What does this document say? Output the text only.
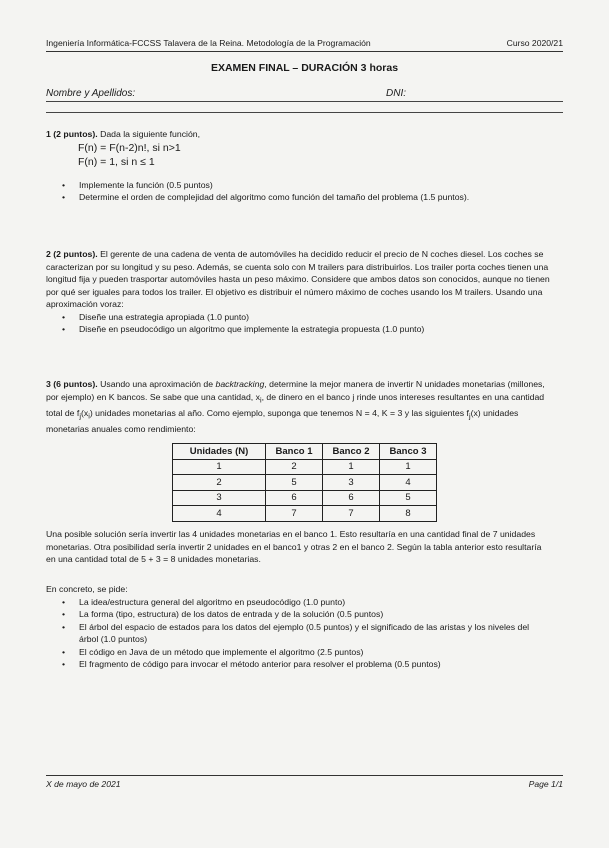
Ingeniería Informática-FCCSS Talavera de la Reina. Metodología de la Programación	Curso 2020/21
EXAMEN FINAL – DURACIÓN 3 horas
Nombre y Apellidos:	DNI:

1 (2 puntos). Dada la siguiente función,

F(n) = F(n-2)n!, si n>1
F(n) = 1, si n ≤ 1
• Implemente la función (0.5 puntos)
• Determine el orden de complejidad del algoritmo como función del tamaño del problema (1.5 puntos).

2 (2 puntos). El gerente de una cadena de venta de automóviles ha decidido reducir el precio de N coches diesel. Los coches se caracterizan por su longitud y su peso. Además, se cuenta solo con M trailers para distribuirlos. Los trailer porta coches tienen una longitud fija y pueden trasportar automóviles hasta un peso máximo. Considere que ambos datos son conocidos, aunque no tienen por qué ser iguales para todos los trailer. El objetivo es distribuir el número máximo de coches usando los M trailers. Usando una aproximación voraz:

• Diseñe una estrategia apropiada (1.0 punto)
• Diseñe en pseudocódigo un algoritmo que implemente la estrategia propuesta (1.0 punto)

3 (6 puntos). Usando una aproximación de backtracking, determine la mejor manera de invertir N unidades monetarias (millones, por ejemplo) en K bancos. Se sabe que una cantidad, $x_i$, de dinero en el banco j rinde unos intereses resultantes en una cantidad total de $f_j(x_i)$ unidades monetarias al año. Como ejemplo, suponga que tenemos N = 4, K = 3 y las siguientes $f_j(x)$ unidades monetarias anuales como rendimiento:

Unidades (N)	Banco 1	Banco 2	Banco 3
1	2	1	1
2	5	3	4
3	6	6	5
4	7	7	8

Una posible solución sería invertir las 4 unidades monetarias en el banco 1. Esto resultaría en una cantidad final de 7 unidades monetarias. Otra posibilidad sería invertir 2 unidades en el banco1 y otras 2 en el banco 2. Según la tabla anterior esto resultaría en una cantidad total de 5 + 3 = 8 unidades monetarias.

En concreto, se pide:

• La idea/estructura general del algoritmo en pseudocódigo (1.0 punto)
• La forma (tipo, estructura) de los datos de entrada y de la solución (0.5 puntos)
• El árbol del espacio de estados para los datos del ejemplo (0.5 puntos) y el significado de las aristas y los niveles del árbol (1.0 puntos)
• El código en Java de un método que implemente el algoritmo (2.5 puntos)
• El fragmento de código para invocar el método anterior para resolver el problema (0.5 puntos)
X de mayo de 2021	Page 1/1
